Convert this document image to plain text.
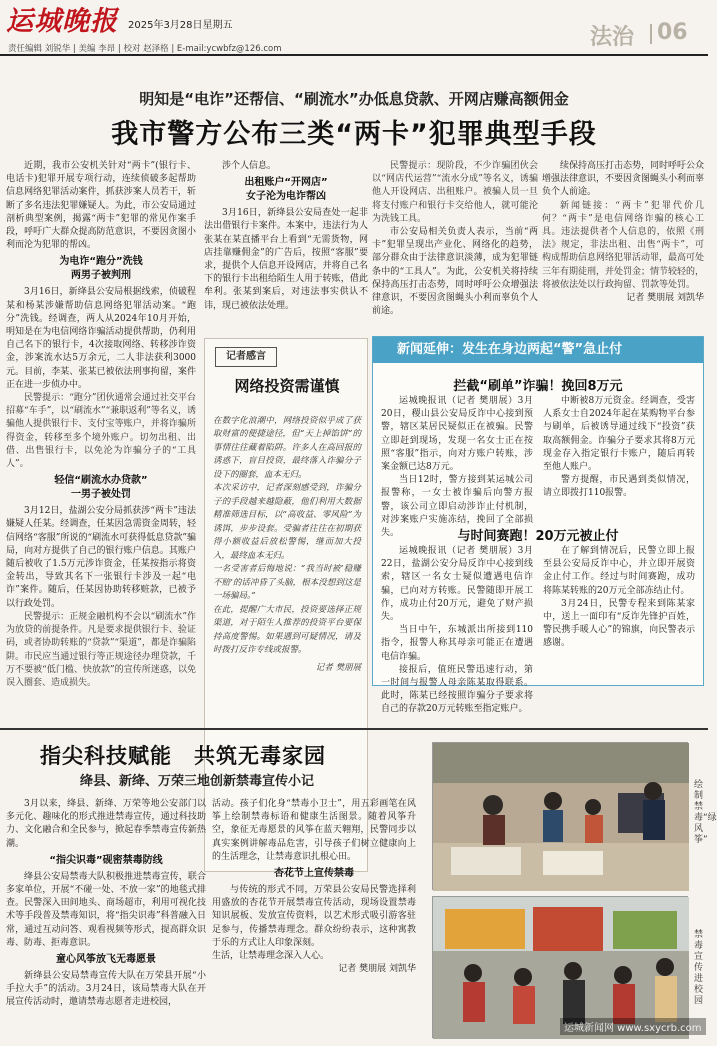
运城晚报 2025年3月28日星期五
责任编辑 刘锐华 | 美编 李昂 | 校对 赵泽格 | E-mail:ycwbfz@126.com	法治 06
明知是“电诈”还帮信、“刷流水”办低息贷款、开网店赚高额佣金
我市警方公布三类“两卡”犯罪典型手段

近期，我市公安机关针对“两卡”(银行卡、电话卡)犯罪开展专项行动，连续侦破多起帮助信息网络犯罪活动案件，抓获涉案人员若干，斩断了多名违法犯罪嫌疑人。为此，市公安局通过剖析典型案例，揭露“两卡”犯罪的常见作案手段，呼吁广大群众提高防范意识，不要因贪图小利而沦为犯罪的帮凶。

为电诈“跑分”洗钱
两男子被判刑

3月16日，新绛县公安局根据线索，侦破程某和杨某涉嫌帮助信息网络犯罪活动案。“跑分”洗钱。经调查，两人从2024年10月开始，明知是在为电信网络诈骗活动提供帮助，仍利用自己名下的银行卡，4次接取网络、转移涉诈资金，涉案流水达5万余元，二人非法获利3000元。目前，李某、张某已被依法刑事拘留，案件正在进一步侦办中。

民警提示：“跑分”团伙通常会通过社交平台招募“车手”，以“刷流水”“兼职返利”等名义，诱骗他人提供银行卡、支付宝等账户，并将诈骗所得资金，转移至多个境外账户。切勿出租、出借、出售银行卡，以免沦为诈骗分子的“工具人”。

轻信“刷流水办贷款”
一男子被处罚

3月12日，盐湖公安分局抓获涉“两卡”违法嫌疑人任某。经调查，任某因急需资金周转，轻信网络“客服”所说的“刷流水可获得低息贷款”骗局，向对方提供了自己的银行账户信息。其账户随后被收了1.5万元涉诈资金，任某按指示将资金转出，导致其名下一张银行卡涉及一起“电诈”案件。随后，任某因协助转移赃款，已被予以行政处罚。

民警提示：正规金融机构不会以“刷流水”作为放贷的前提条件。凡是要求提供银行卡、验证码，或者协助转账的“贷款”“渠道”，都是诈骗陷阱。市民应当通过银行等正规途径办理贷款，千万不要被“低门槛、快放款”的宣传所迷惑，以免误入圈套、造成损失。

涉个人信息。

出租账户“开网店”
女子沦为电诈帮凶

3月16日，新绛县公安局查处一起非法出借银行卡案件。本案中，违法行为人张某在某直播平台上看到“无需货物，网店挂靠赚佣金”的广告后，按照“客服”要求，提供个人信息开设网店，并将自己名下的银行卡出租给陌生人用于转账，借此牟利。张某到案后，对违法事实供认不讳，现已被依法处理。

民警提示：现阶段，不少诈骗团伙会以“网店代运营”“流水分成”等名义，诱骗他人开设网店、出租账户。被骗人员一旦将支付账户和银行卡交给他人，就可能沦为洗钱工具。

市公安局相关负责人表示，当前“两卡”犯罪呈现出产业化、网络化的趋势，部分群众由于法律意识淡薄，成为犯罪链条中的“工具人”。为此，公安机关将持续保持高压打击态势，同时呼吁公众增强法律意识，不要因贪图蝇头小利而辜负个人前途。

续保持高压打击态势，同时呼吁公众增强法律意识，不要因贪图蝇头小利而辜负个人前途。

新闻链接：“两卡”犯罪代价几何？“两卡”是电信网络诈骗的核心工具。违法提供者个人信息的，依照《刑法》规定，非法出租、出售“两卡”，可构成帮助信息网络犯罪活动罪，最高可处三年有期徒刑，并处罚金；情节较轻的，将被依法处以行政拘留、罚款等处罚。

记者 樊朋展 刘凯华

记者感言
网络投资需谨慎

在数字化浪潮中，网络投资似乎成了获取财富的便捷途径，但“天上掉馅饼”的事情往往藏着陷阱。许多人在高回报的诱惑下，盲目投资，最终落入诈骗分子设下的圈套，血本无归。
本次采访中，记者深刻感受到，诈骗分子的手段越来越隐蔽，他们利用大数据精准筛选目标，以“高收益、零风险”为诱饵，步步设套。受骗者往往在初期获得小额收益后放松警惕，继而加大投入，最终血本无归。
一名受害者后悔地说：“我当时被‘稳赚不赔’的话冲昏了头脑，根本没想到这是一场骗局。”
在此，提醒广大市民，投资要选择正规渠道，对于陌生人推荐的投资平台要保持高度警惕。如果遇到可疑情况，请及时拨打反诈专线或报警。

记者 樊朋展

新闻延伸：发生在身边两起“警”急止付
拦截“刷单”诈骗！挽回8万元

运城晚报讯（记者 樊朋展）3月20日，稷山县公安局反诈中心接到预警，辖区某居民疑似正在被骗。民警立即赶到现场，发现一名女士正在按照“客服”指示，向对方账户转账，涉案金额已达8万元。

当日12时，警方接到某运城公司报警称，一女士被诈骗后向警方报警，该公司立即启动涉诈止付机制，对涉案账户实施冻结，挽回了全部损失。

中断被8万元资金。经调查，受害人系女士自2024年起在某购物平台参与刷单，后被诱导通过线下“投资”获取高额佣金。诈骗分子要求其将8万元现金存入指定银行卡账户，随后再转至他人账户。

警方提醒，市民遇到类似情况，请立即拨打110报警。

与时间赛跑！20万元被止付

运城晚报讯（记者 樊朋展）3月22日，盐湖公安分局反诈中心接到线索，辖区一名女士疑似遭遇电信诈骗，已向对方转账。民警随即开展工作，成功止付20万元，避免了财产损失。

当日中午，东城派出所接到110指令，报警人称其母亲可能正在遭遇电信诈骗。

接报后，值班民警迅速行动，第一时间与报警人母亲陈某取得联系。此时，陈某已经按照诈骗分子要求将自己的存款20万元转账至指定账户。

在了解到情况后，民警立即上报至县公安局反诈中心，并立即开展资金止付工作。经过与时间赛跑，成功将陈某转账的20万元全部冻结止付。

3月24日，民警专程来到陈某家中，送上一面印有“反诈先锋护百姓，警民携手暖人心”的锦旗，向民警表示感谢。

指尖科技赋能　共筑无毒家园
绛县、新绛、万荣三地创新禁毒宣传小记

3月以来，绛县、新绛、万荣等地公安部门以多元化、趣味化的形式推进禁毒宣传，通过科技助力、文化融合和全民参与，掀起春季禁毒宣传新热潮。

“指尖识毒”砚密禁毒防线

绛县公安局禁毒大队积极推进禁毒宣传，联合多家单位，开展“不碰一处、不放一家”的地毯式排查。民警深入田间地头、商场超市，利用可视化技术等手段普及禁毒知识，将“指尖识毒”科普融入日常，通过互动问答、观看视频等形式，提高群众识毒、防毒、拒毒意识。

童心风筝放飞无毒愿景

新绛县公安局禁毒宣传大队在万荣县开展“小手拉大手”的活动。3月24日，该局禁毒大队在开展宣传活动时，邀请禁毒志愿者走进校园，

活动。孩子们化身“禁毒小卫士”，用五彩画笔在风筝上绘制禁毒标语和健康生活图景。随着风筝升空，象征无毒愿景的风筝在蓝天翱翔，民警同步以真实案例讲解毒品危害，引导孩子们树立健康向上的生活理念，让禁毒意识扎根心田。

杏花节上宣传禁毒

与传统的形式不同，万荣县公安局民警选择利用盛放的杏花节开展禁毒宣传活动，现场设置禁毒知识展板、发放宣传资料，以艺术形式吸引游客驻足参与，传播禁毒理念。群众纷纷表示，这种寓教于乐的方式让人印象深刻。

生活，让禁毒理念深入人心。

记者 樊朋展 刘凯华

绘制禁毒“绿风筝”
禁毒宣传进校园
运城新闻网 www.sxycrb.com
